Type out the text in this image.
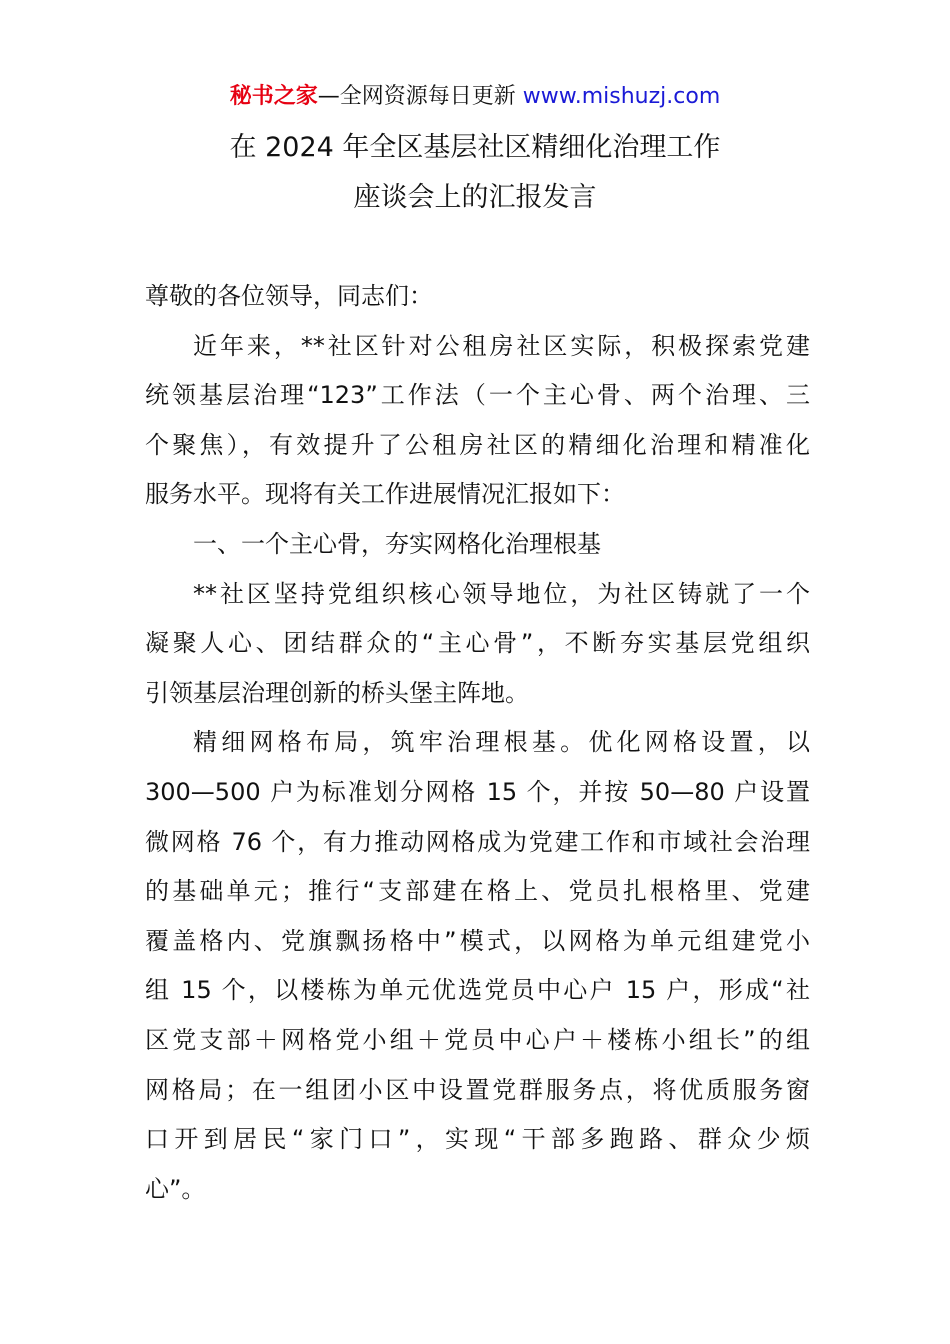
秘书之家—全网资源每日更新 www.mishuzj.com
在 2024 年全区基层社区精细化治理工作
座谈会上的汇报发言
尊敬的各位领导，同志们：
近年来，**社区针对公租房社区实际，积极探索党建
统领基层治理“123”工作法（一个主心骨、两个治理、三
个聚焦），有效提升了公租房社区的精细化治理和精准化
服务水平。现将有关工作进展情况汇报如下：
一、一个主心骨，夯实网格化治理根基
**社区坚持党组织核心领导地位，为社区铸就了一个
凝聚人心、团结群众的“主心骨”，不断夯实基层党组织
引领基层治理创新的桥头堡主阵地。
精细网格布局，筑牢治理根基。优化网格设置，以
300—500 户为标准划分网格 15 个，并按 50—80 户设置
微网格 76 个，有力推动网格成为党建工作和市域社会治理
的基础单元；推行“支部建在格上、党员扎根格里、党建
覆盖格内、党旗飘扬格中”模式，以网格为单元组建党小
组 15 个，以楼栋为单元优选党员中心户 15 户，形成“社
区党支部＋网格党小组＋党员中心户＋楼栋小组长”的组
网格局；在一组团小区中设置党群服务点，将优质服务窗
口开到居民“家门口”，实现“干部多跑路、群众少烦
心”。
